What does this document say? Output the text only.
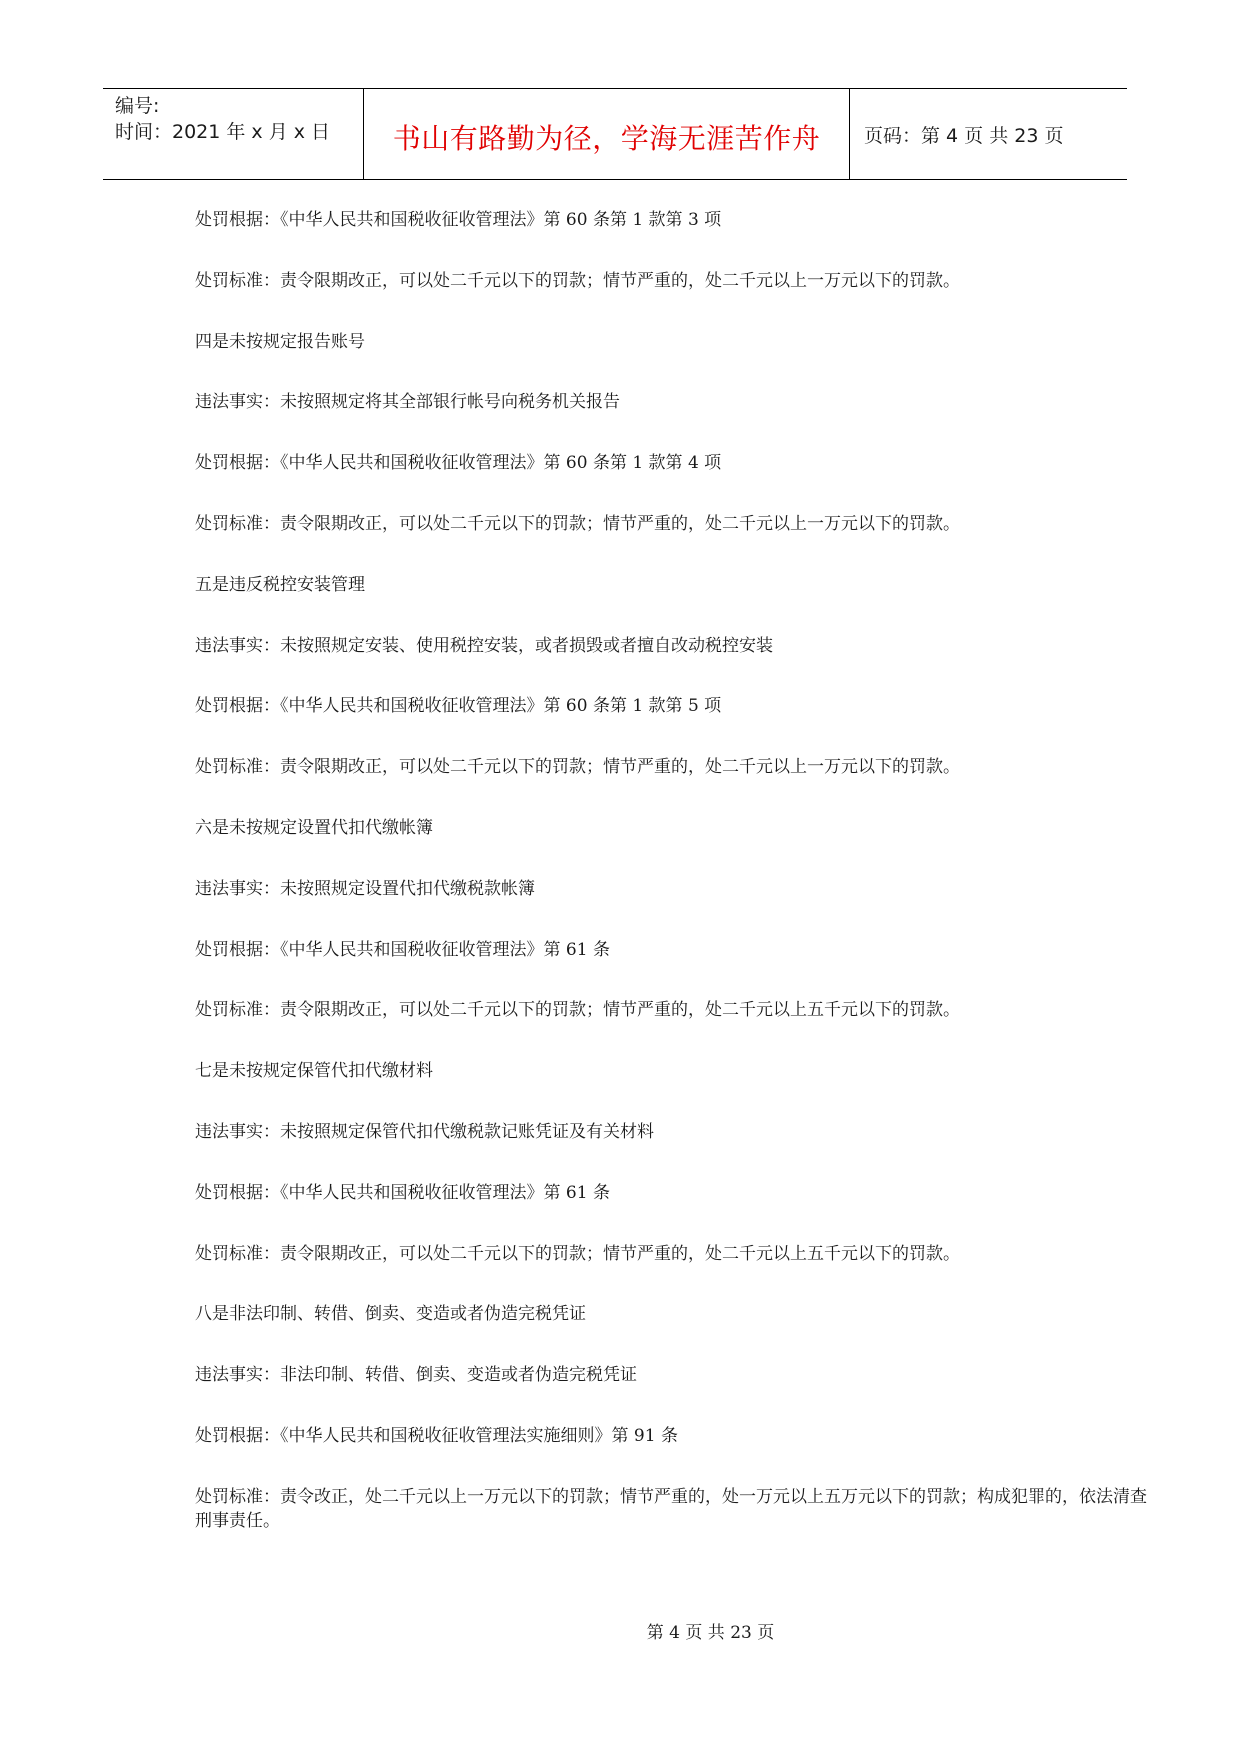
编号:
时间：2021 年 x 月 x 日	书山有路勤为径，学海无涯苦作舟	页码：第 4 页 共 23 页

处罚根据：《中华人民共和国税收征收管理法》第 60 条第 1 款第 3 项

处罚标准：责令限期改正，可以处二千元以下的罚款；情节严重的，处二千元以上一万元以下的罚款。

四是未按规定报告账号

违法事实：未按照规定将其全部银行帐号向税务机关报告

处罚根据：《中华人民共和国税收征收管理法》第 60 条第 1 款第 4 项

处罚标准：责令限期改正，可以处二千元以下的罚款；情节严重的，处二千元以上一万元以下的罚款。

五是违反税控安装管理

违法事实：未按照规定安装、使用税控安装，或者损毁或者擅自改动税控安装

处罚根据：《中华人民共和国税收征收管理法》第 60 条第 1 款第 5 项

处罚标准：责令限期改正，可以处二千元以下的罚款；情节严重的，处二千元以上一万元以下的罚款。

六是未按规定设置代扣代缴帐簿

违法事实：未按照规定设置代扣代缴税款帐簿

处罚根据：《中华人民共和国税收征收管理法》第 61 条

处罚标准：责令限期改正，可以处二千元以下的罚款；情节严重的，处二千元以上五千元以下的罚款。

七是未按规定保管代扣代缴材料

违法事实：未按照规定保管代扣代缴税款记账凭证及有关材料

处罚根据：《中华人民共和国税收征收管理法》第 61 条

处罚标准：责令限期改正，可以处二千元以下的罚款；情节严重的，处二千元以上五千元以下的罚款。

八是非法印制、转借、倒卖、变造或者伪造完税凭证

违法事实：非法印制、转借、倒卖、变造或者伪造完税凭证

处罚根据：《中华人民共和国税收征收管理法实施细则》第 91 条

处罚标准：责令改正，处二千元以上一万元以下的罚款；情节严重的，处一万元以上五万元以下的罚款；构成犯罪的，依法清查

刑事责任。

第 4 页 共 23 页
